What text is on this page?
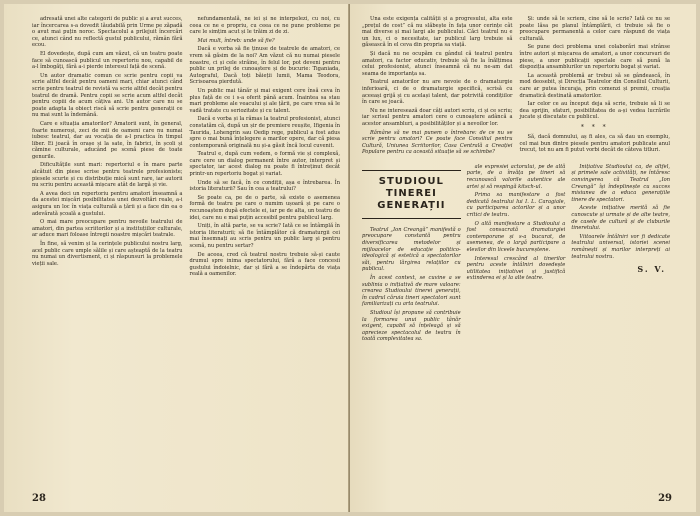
adresată unei alte categorii de public și a avut succes, iar încercarea s-a dovedit lăudabilă prin Urme pe zăpadă o avut mai puțin noroc. Spectacolul a prilejuit încercări ce, atunci când nu reflectă gustul publicului, rămân fără ecou.

El dovedește, după cum am văzut, că un teatru poate face să cunoască publicul un repertoriu nou, capabil de a-l îmbogăți, fără a-i pierde interesul față de scenă.

Un autor dramatic comun ce scrie pentru copii va scrie altfel decât pentru oameni mari, chiar atunci când scrie pentru teatrul de revistă va scrie altfel decât pentru teatrul de dramă. Pentru copii se scrie acum altfel decât pentru copiii de acum câțiva ani. Un autor care nu se poate adapta la obiect riscă să scrie pentru generații ce nu mai sunt la îndemână.

Care e situația amatorilor? Amatorii sunt, în general, foarte numeroși, zeci de mii de oameni care nu numai iubesc teatrul, dar au vocația de a-l practica în timpul liber. Ei joacă în orașe și la sate, în fabrici, în școli și cămine culturale, aducând pe scenă piese de toate genurile.

Dificultățile sunt mari: repertoriul e în mare parte alcătuit din piese scrise pentru teatrele profesioniste; piesele scurte și cu distribuție mică sunt rare, iar autorii nu scriu pentru această mișcare atât de largă și vie.

A avea deci un repertoriu pentru amatori înseamnă a da acestei mișcări posibilitatea unei dezvoltări reale, a-i asigura un loc în viața culturală a țării și a face din ea o adevărată școală a gustului.

O mai mare preocupare pentru nevoile teatrului de amatori, din partea scriitorilor și a instituțiilor culturale, ar aduce mari foloase întregii noastre mișcări teatrale.

În fine, să venim și la cerințele publicului nostru larg, acel public care umple sălile și care așteaptă de la teatru nu numai un divertisment, ci și răspunsuri la problemele vieții sale.

nefundamentală, ne iei și ne interpelezi, cu noi, cu ceea ce ne e propriu, cu ceea ce ne pune probleme pe care le simțim acut și le trăim zi de zi.

Mai mult, întreb: unde să fie?

Dacă e vorba să fie ținuse de teatrele de amatori, ce vrem să găsim de la noi? Am văzut că nu numai piesele noastre, ci și cele străine, în felul lor, pot deveni pentru public un prilej de cunoaștere și de bucurie: Tiganiada, Autograful, Dacă toți băieții lumii, Mama Teodora, Scrisoarea pierdută.

Un public mai tânăr și mai exigent cere însă ceva în plus față de ce i s-a oferit până acum. Înaintea sa stau mari probleme ale veacului și ale țării, pe care vrea să le vadă tratate cu seriozitate și cu talent.

Dacă e vorba și la rămas la teatrul profesionist, atunci constatăm că, după un șir de premiere reușite, Ifigenia în Taurida, Lohengrin sau Oedip rege, publicul a fost adus spre o mai bună înțelegere a marilor opere, dar că piesa contemporană originală nu și-a găsit încă locul cuvenit.

Teatrul e, după cum vedem, o formă vie și complexă, care cere un dialog permanent între autor, interpret și spectator, iar acest dialog nu poate fi întreținut decât printr-un repertoriu bogat și variat.

Unde să se facă, în ce condiții, așa e întrebarea. În istoria literaturii? Sau în cea a teatrului?

Se poate ca, pe de o parte, să existe o asemenea formă de teatru pe care o numim ușoară și pe care o recunoaștem după efectele ei, iar pe de alta, un teatru de idei, care nu e mai puțin accesibil pentru publicul larg.

Uniți, în altă parte, se va scrie? Iată ce se întâmplă în istoria literaturii; să fie întâmplător că dramaturgii cei mai însemnați au scris pentru un public larg și pentru scenă, nu pentru sertar?

De aceea, cred că teatrul nostru trebuie să-și caute drumul spre inima spectatorului, fără a face concesii gustului îndoielnic, dar și fără a se îndepărta de viața reală a oamenilor.

28

Una este exigența calității și a progresului, alta este „prețul de cost” că nu slăbește în fața unor cerințe cât mai diverse și mai largi ale publicului. Căci teatrul nu e un lux, ci o necesitate, iar publicul larg trebuie să găsească în el ceva din propria sa viață.

Și dacă nu ne ocupăm cu gândul că teatrul pentru amatori, ca factor educativ, trebuie să fie la înălțimea celui profesionist, atunci înseamnă că nu ne-am dat seama de importanța sa.

Teatrul amatorilor nu are nevoie de o dramaturgie inferioară, ci de o dramaturgie specifică, scrisă cu aceeași grijă și cu același talent, dar potrivită condițiilor în care se joacă.

Nu ne interesează doar câți autori scriu, ci și ce scriu; iar scrisul pentru amatori cere o cunoaștere adâncă a acestor ansambluri, a posibilităților și a nevoilor lor.

Rămâne să ne mai punem o întrebare: de ce nu se scrie pentru amatori? Ce poate face Consiliul pentru Cultură, Uniunea Scriitorilor, Casa Centrală a Creației Populare pentru ca această situație să se schimbe?

Și: unde să le scriem, cine să le scrie? Iată ce nu se poate lăsa pe planul întâmplării, ci trebuie să fie o preocupare permanentă a celor care răspund de viața culturală.

Se pune deci problema unei colaborări mai strânse între autori și mișcarea de amatori, a unor concursuri de piese, a unor publicații speciale care să pună la dispoziția ansamblurilor un repertoriu bogat și variat.

La această problemă ar trebui să se gândească, în mod deosebit, și Direcția Teatrelor din Consiliul Culturii, care ar putea încuraja, prin comenzi și premii, creația dramatică destinată amatorilor.

Iar celor ce au început deja să scrie, trebuie să li se dea sprijin, sfaturi, posibilitatea de a-și vedea lucrările jucate și discutate cu publicul.

* * *

Să, dacă domnului, aș fi ales, ca să dau un exemplu, cel mai bun dintre piesele pentru amatori publicate anul trecut, tot nu am fi putut vorbi decât de câteva titluri.

STUDIOUL
TINEREI
GENERAȚII

Teatrul „Ion Creangă” manifestă o preocupare constantă pentru diversificarea metodelor și mijloacelor de educație politico-ideologică și estetică a spectatorilor săi, pentru lărgirea relațiilor cu publicul.

În acest context, se cuvine a se sublinia o inițiativă de mare valoare: crearea Studioului tinerei generații, în cadrul căruia tineri spectatori sunt familiarizați cu arta teatrului.

Studioul își propune să contribuie la formarea unui public tânăr exigent, capabil să înțeleagă și să aprecieze spectacolul de teatru în toată complexitatea sa.

ale expresiei actorului, pe de altă parte, de a învăța pe tineri să recunoască valorile autentice ale artei și să respingă kitsch-ul.

Prima sa manifestare a fost dedicată teatrului lui I. L. Caragiale, cu participarea actorilor și a unor critici de teatru.

O altă manifestare a Studioului a fost consacrată dramaturgiei contemporane și s-a bucurat, de asemenea, de o largă participare a elevilor din liceele bucureștene.

Interesul crescând al tinerilor pentru aceste întâlniri dovedește utilitatea inițiativei și justifică extinderea ei și la alte teatre.

Inițiativa Studioului ca, de altfel, și primele sale activități, ne întăresc convingerea că Teatrul „Ion Creangă” își îndeplinește cu succes misiunea de a educa generațiile tinere de spectatori.

Aceste inițiative merită să fie cunoscute și urmate și de alte teatre, de casele de cultură și de cluburile tineretului.

Viitoarele întâlniri vor fi dedicate teatrului universal, istoriei scenei românești și marilor interpreți ai teatrului nostru.

S. V.
29
